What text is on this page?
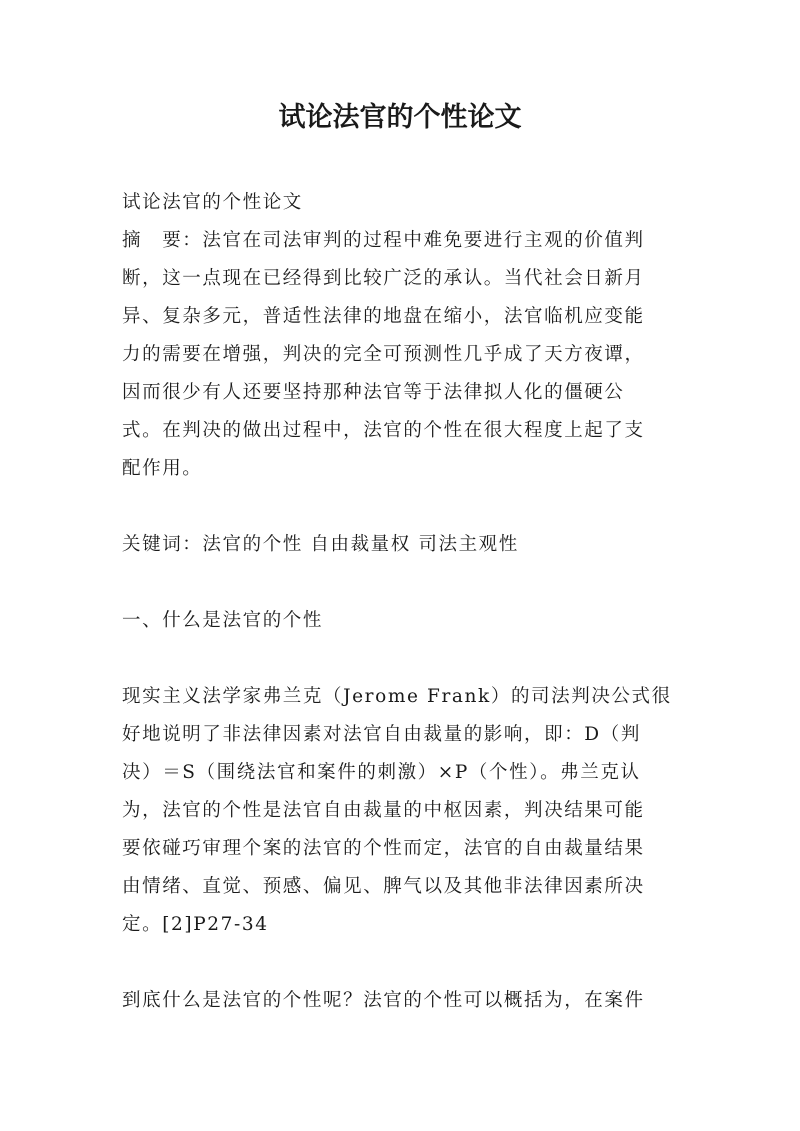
试论法官的个性论文
试论法官的个性论文
摘　要：法官在司法审判的过程中难免要进行主观的价值判
断，这一点现在已经得到比较广泛的承认。当代社会日新月
异、复杂多元，普适性法律的地盘在缩小，法官临机应变能
力的需要在增强，判决的完全可预测性几乎成了天方夜谭，
因而很少有人还要坚持那种法官等于法律拟人化的僵硬公
式。在判决的做出过程中，法官的个性在很大程度上起了支
配作用。
关键词：法官的个性 自由裁量权 司法主观性
一、什么是法官的个性
现实主义法学家弗兰克（Jerome Frank）的司法判决公式很
好地说明了非法律因素对法官自由裁量的影响，即：D（判
决）＝S（围绕法官和案件的刺激）×P（个性）。弗兰克认
为，法官的个性是法官自由裁量的中枢因素，判决结果可能
要依碰巧审理个案的法官的个性而定，法官的自由裁量结果
由情绪、直觉、预感、偏见、脾气以及其他非法律因素所决
定。[2]P27-34
到底什么是法官的个性呢？法官的个性可以概括为，在案件
